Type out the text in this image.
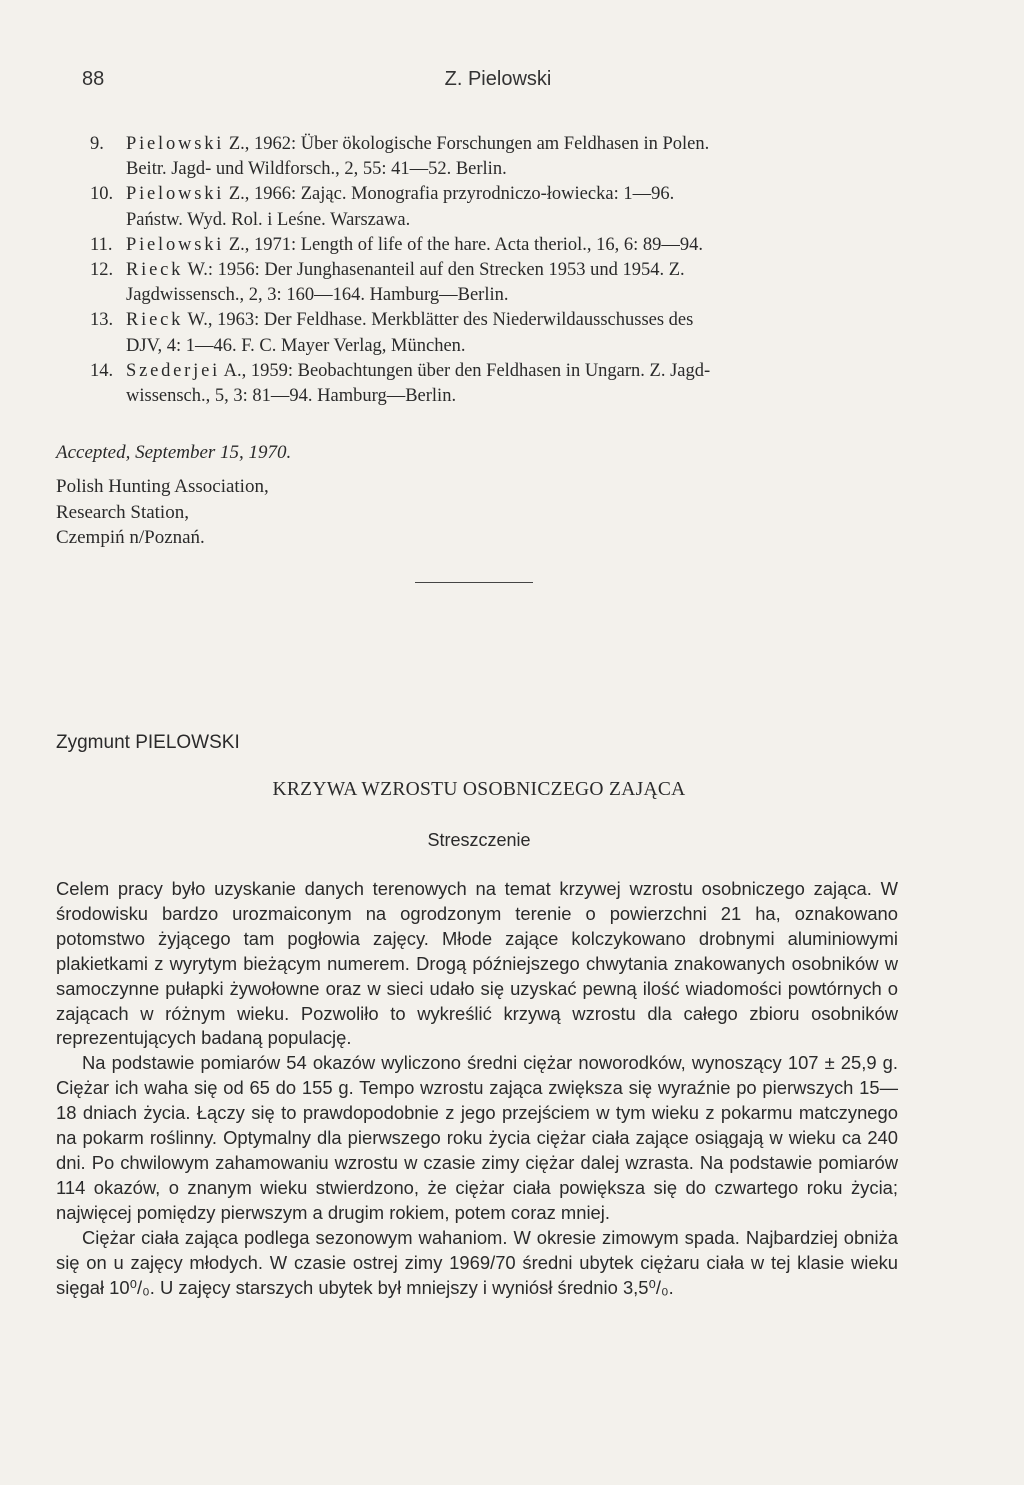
88	Z. Pielowski
9.	Pielowski Z., 1962: Über ökologische Forschungen am Feldhasen in Polen.
Beitr. Jagd- und Wildforsch., 2, 55: 41—52. Berlin.
10. Pielowski Z., 1966: Zając. Monografia przyrodniczo-łowiecka: 1—96.
Państw. Wyd. Rol. i Leśne. Warszawa.
11. Pielowski Z., 1971: Length of life of the hare. Acta theriol., 16, 6: 89—94.
12. Rieck W.: 1956: Der Junghasenanteil auf den Strecken 1953 und 1954. Z.
Jagdwissensch., 2, 3: 160—164. Hamburg—Berlin.
13. Rieck W., 1963: Der Feldhase. Merkblätter des Niederwildausschusses des
DJV, 4: 1—46. F. C. Mayer Verlag, München.
14. Szederjei A., 1959: Beobachtungen über den Feldhasen in Ungarn. Z. Jagd-
wissensch., 5, 3: 81—94. Hamburg—Berlin.
Accepted, September 15, 1970.
Polish Hunting Association,
Research Station,
Czempiń n/Poznań.
Zygmunt PIELOWSKI
KRZYWA WZROSTU OSOBNICZEGO ZAJĄCA
Streszczenie

Celem pracy było uzyskanie danych terenowych na temat krzywej wzrostu osobniczego zająca. W środowisku bardzo urozmaiconym na ogrodzonym terenie o powierzchni 21 ha, oznakowano potomstwo żyjącego tam pogłowia zajęcy. Młode zające kolczykowano drobnymi aluminiowymi plakietkami z wyrytym bieżącym numerem. Drogą późniejszego chwytania znakowanych osobników w samoczynne pułapki żywołowne oraz w sieci udało się uzyskać pewną ilość wiadomości powtórnych o zającach w różnym wieku. Pozwoliło to wykreślić krzywą wzrostu dla całego zbioru osobników reprezentujących badaną populację.

Na podstawie pomiarów 54 okazów wyliczono średni ciężar noworodków, wynoszący 107 ± 25,9 g. Ciężar ich waha się od 65 do 155 g. Tempo wzrostu zająca zwiększa się wyraźnie po pierwszych 15—18 dniach życia. Łączy się to prawdopodobnie z jego przejściem w tym wieku z pokarmu matczynego na pokarm roślinny. Optymalny dla pierwszego roku życia ciężar ciała zające osiągają w wieku ca 240 dni. Po chwilowym zahamowaniu wzrostu w czasie zimy ciężar dalej wzrasta. Na podstawie pomiarów 114 okazów, o znanym wieku stwierdzono, że ciężar ciała powiększa się do czwartego roku życia; najwięcej pomiędzy pierwszym a drugim rokiem, potem coraz mniej.

Ciężar ciała zająca podlega sezonowym wahaniom. W okresie zimowym spada. Najbardziej obniża się on u zajęcy młodych. W czasie ostrej zimy 1969/70 średni ubytek ciężaru ciała w tej klasie wieku sięgał 10⁰/₀. U zajęcy starszych ubytek był mniejszy i wyniósł średnio 3,5⁰/₀.
